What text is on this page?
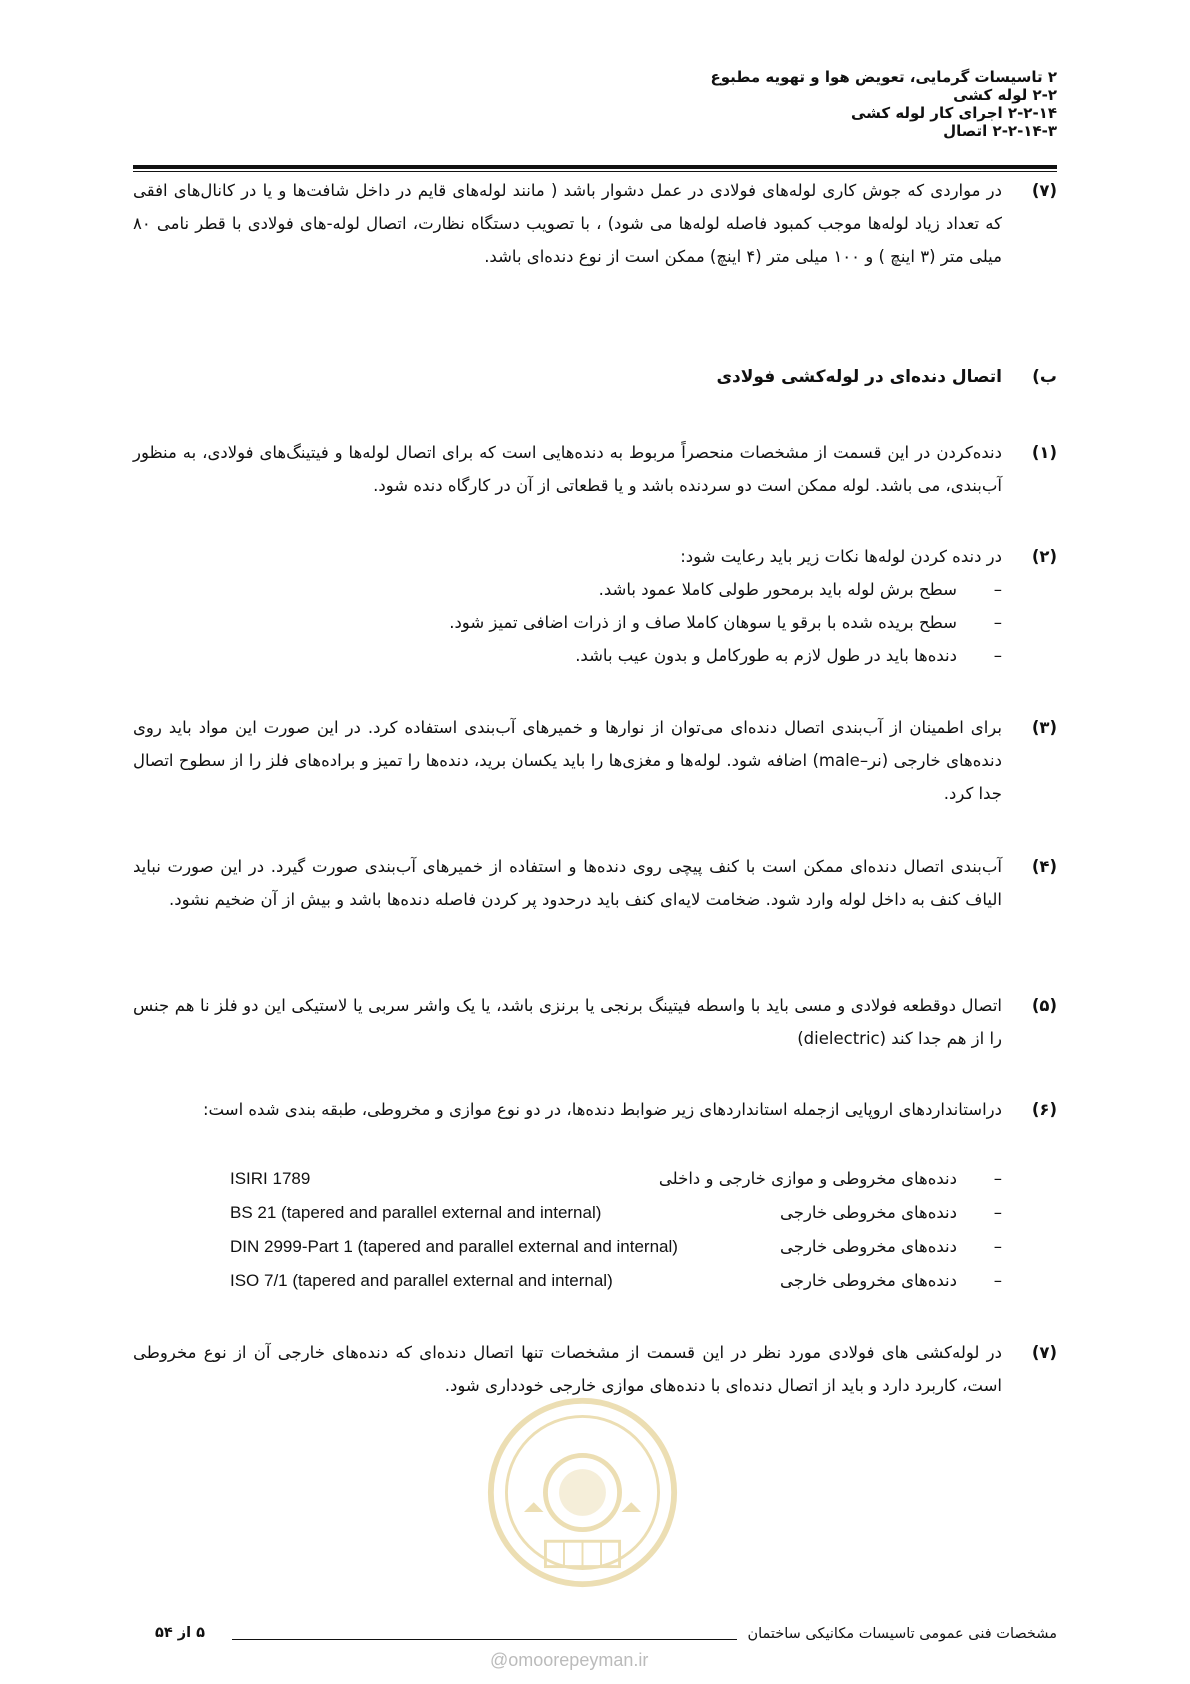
۲ تاسیسات گرمایی، تعویض هوا و تهویه مطبوع
۲-۲ لوله کشی
۲-۲-۱۴ اجرای کار لوله کشی
۲-۲-۱۴-۳ اتصال
(۷)
در مواردی که جوش کاری لوله‌های فولادی در عمل دشوار باشد ( مانند لوله‌های قایم در داخل شافت‌ها و یا در کانال‌های افقی که تعداد زیاد لوله‌ها موجب کمبود فاصله لوله‌ها می شود) ، با تصویب دستگاه نظارت، اتصال لوله-های فولادی با قطر نامی ۸۰ میلی متر (۳ اینچ ) و ۱۰۰ میلی متر (۴ اینچ) ممکن است از نوع دنده‌ای باشد.
ب)
اتصال دنده‌ای در لوله‌کشی فولادی
(۱)
دنده‌کردن در این قسمت از مشخصات منحصراً مربوط به دنده‌هایی است که برای اتصال لوله‌ها و فیتینگ‌های فولادی، به منظور آب‌بندی، می باشد. لوله ممکن است دو سردنده باشد و یا قطعاتی از آن در کارگاه دنده شود.
(۲)
در دنده کردن لوله‌ها نکات زیر باید رعایت شود:
–
سطح برش لوله باید برمحور طولی کاملا عمود باشد.
–
سطح بریده شده با برقو یا سوهان کاملا صاف و از ذرات اضافی تمیز شود.
–
دنده‌ها باید در طول لازم به طورکامل و بدون عیب باشد.
(۳)
برای اطمینان از آب‌بندی اتصال دنده‌ای می‌توان از نوارها و خمیرهای آب‌بندی استفاده کرد. در این صورت این مواد باید روی دنده‌های خارجی (نر–male) اضافه شود. لوله‌ها و مغزی‌ها را باید یکسان برید، دنده‌ها را تمیز و براده‌های فلز را از سطوح اتصال جدا کرد.
(۴)
آب‌بندی اتصال دنده‌ای ممکن است با کنف پیچی روی دنده‌ها و استفاده از خمیرهای آب‌بندی صورت گیرد. در این صورت نباید الیاف کنف به داخل لوله وارد شود. ضخامت لایه‌ای کنف باید درحدود پر کردن فاصله دنده‌ها باشد و بیش از آن ضخیم نشود.
(۵)
اتصال دوقطعه فولادی و مسی باید با واسطه فیتینگ برنجی یا برنزی باشد، یا یک واشر سربی یا لاستیکی این دو فلز نا هم جنس را از هم جدا کند (dielectric)
(۶)
دراستانداردهای اروپایی ازجمله استانداردهای زیر ضوابط دنده‌ها، در دو نوع موازی و مخروطی، طبقه بندی شده است:
–
دنده‌های مخروطی و موازی خارجی و داخلی
ISIRI 1789
–
دنده‌های مخروطی خارجی
BS 21 (tapered and parallel external and internal)
–
دنده‌های مخروطی خارجی
DIN 2999-Part 1 (tapered and parallel external and internal)
–
دنده‌های مخروطی خارجی
ISO 7/1 (tapered and parallel external and internal)
(۷)
در لوله‌کشی های فولادی مورد نظر در این قسمت از مشخصات تنها اتصال دنده‌ای که دنده‌های خارجی آن از نوع مخروطی است، کاربرد دارد و باید از اتصال دنده‌ای با دنده‌های موازی خارجی خودداری شود.
@omoorepeyman.ir
مشخصات فنی عمومی تاسیسات مکانیکی ساختمان
۵ از ۵۴
